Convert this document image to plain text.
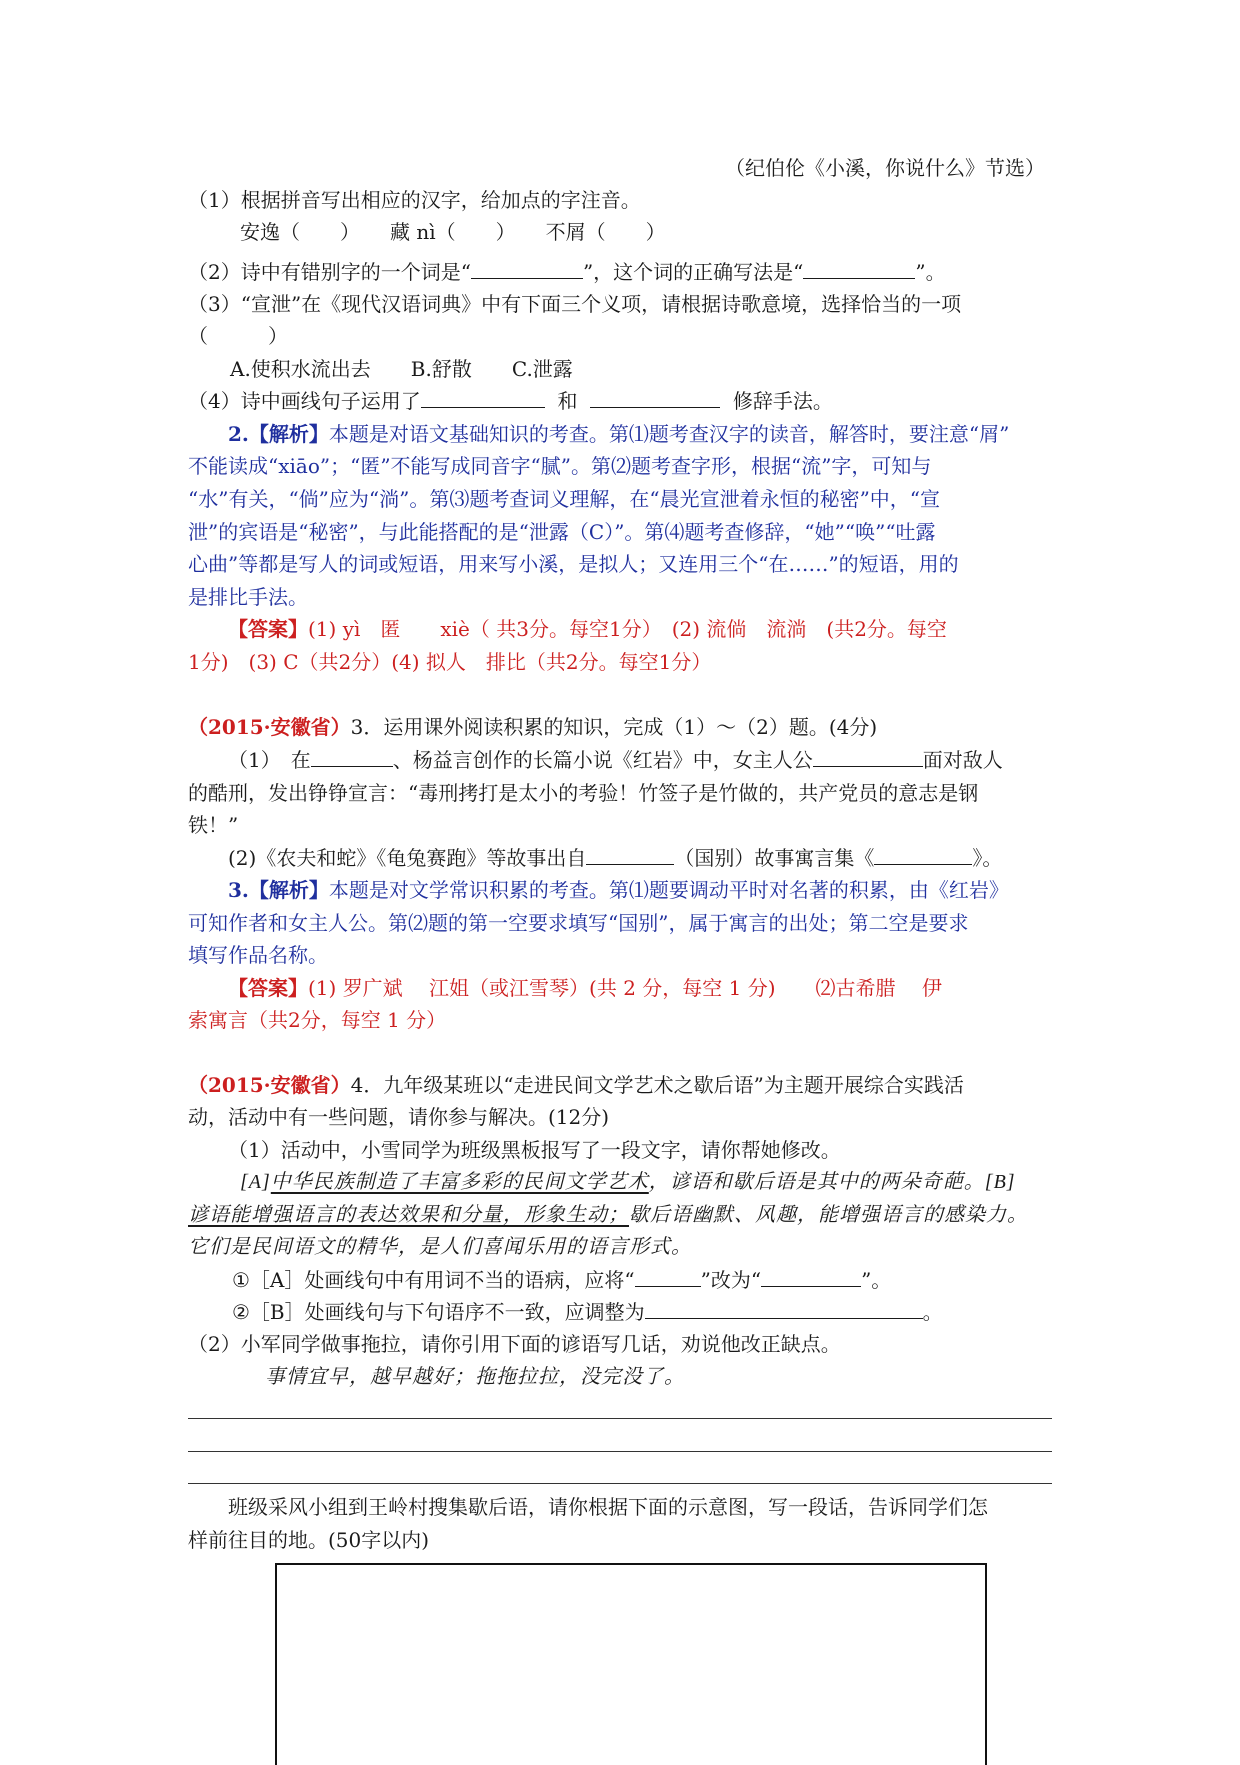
（纪伯伦《小溪，你说什么》节选）
（1）根据拼音写出相应的汉字，给加点的字注音。
安逸（　　）　　藏 nì（　　）　　不屑（　　）
（2）诗中有错别字的一个词是“	”，这个词的正确写法是“	”。
（3）“宣泄”在《现代汉语词典》中有下面三个义项，请根据诗歌意境，选择恰当的一项
（　　　）
A.使积水流出去　　B.舒散　　C.泄露
（4）诗中画线句子运用了	和	修辞手法。
2.【解析】本题是对语文基础知识的考查。第⑴题考查汉字的读音，解答时，要注意“屑”
不能读成“xiāo”；“匿”不能写成同音字“腻”。第⑵题考查字形，根据“流”字，可知与
“水”有关，“倘”应为“淌”。第⑶题考查词义理解，在“晨光宣泄着永恒的秘密”中，“宣
泄”的宾语是“秘密”，与此能搭配的是“泄露（C）”。第⑷题考查修辞，“她”“唤”“吐露
心曲”等都是写人的词或短语，用来写小溪，是拟人；又连用三个“在……”的短语，用的
是排比手法。
【答案】(1) yì　匿　　xiè（ 共3分。每空1分）　(2) 流倘　流淌　(共2分。每空
1分)　(3) C（共2分）(4) 拟人　排比（共2分。每空1分）
（2015·安徽省）3．运用课外阅读积累的知识，完成（1）～（2）题。(4分)
（1）　在	、杨益言创作的长篇小说《红岩》中，女主人公	面对敌人
的酷刑，发出铮铮宣言：“毒刑拷打是太小的考验！竹签子是竹做的，共产党员的意志是钢
铁！”
(2)《农夫和蛇》《龟兔赛跑》等故事出自	（国别）故事寓言集《	》。
3.【解析】本题是对文学常识积累的考查。第⑴题要调动平时对名著的积累，由《红岩》
可知作者和女主人公。第⑵题的第一空要求填写“国别”，属于寓言的出处；第二空是要求
填写作品名称。
【答案】(1) 罗广斌　 江姐（或江雪琴）(共 2 分，每空 1 分)　　⑵古希腊　 伊
索寓言（共2分，每空 1 分）
（2015·安徽省）4．九年级某班以“走进民间文学艺术之歇后语”为主题开展综合实践活
动，活动中有一些问题，请你参与解决。(12分)
（1）活动中，小雪同学为班级黑板报写了一段文字，请你帮她修改。
[A]中华民族制造了丰富多彩的民间文学艺术，谚语和歇后语是其中的两朵奇葩。[B]
谚语能增强语言的表达效果和分量，形象生动；歇后语幽默、风趣，能增强语言的感染力。
它们是民间语文的精华，是人们喜闻乐用的语言形式。
①［A］处画线句中有用词不当的语病，应将“	”改为“	”。
②［B］处画线句与下句语序不一致，应调整为	。
（2）小军同学做事拖拉，请你引用下面的谚语写几话，劝说他改正缺点。
事情宜早，越早越好；拖拖拉拉，没完没了。
班级采风小组到王岭村搜集歇后语，请你根据下面的示意图，写一段话，告诉同学们怎
样前往目的地。(50字以内)
